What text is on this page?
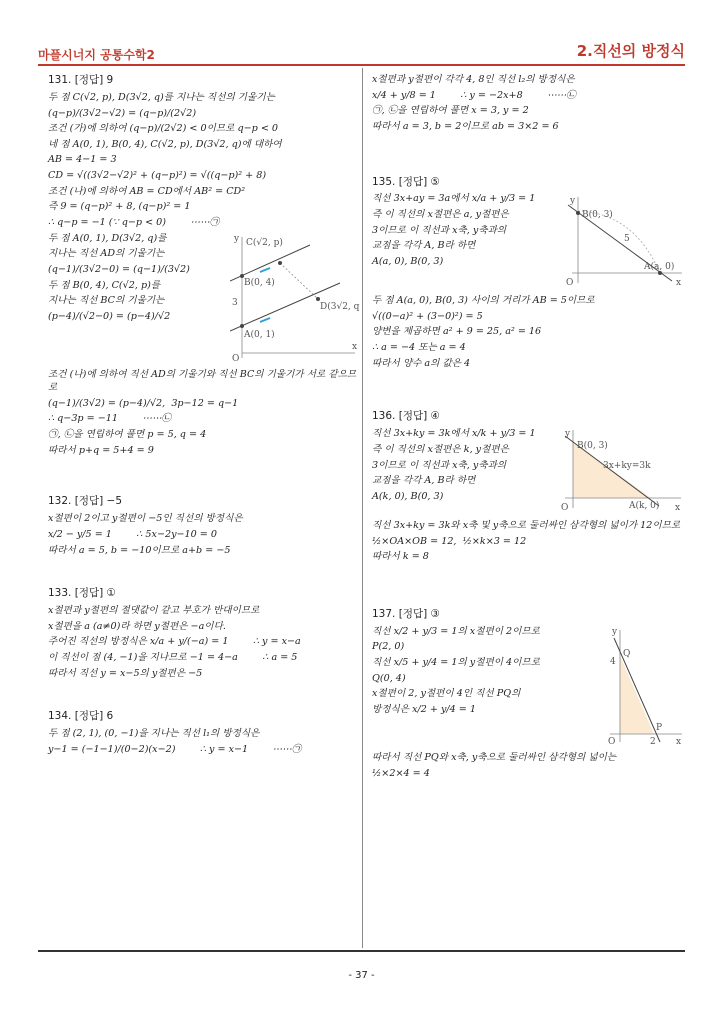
마플시너지 공통수학2	2.직선의 방정식

131. [정답] 9

두 점 C(√2, p), D(3√2, q)를 지나는 직선의 기울기는

(q−p)/(3√2−√2) = (q−p)/(2√2)

조건 (가)에 의하여 (q−p)/(2√2) < 0이므로 q−p < 0

네 점 A(0, 1), B(0, 4), C(√2, p), D(3√2, q)에 대하여

AB = 4−1 = 3

CD = √((3√2−√2)² + (q−p)²) = √((q−p)² + 8)

조건 (나)에 의하여 AB = CD에서 AB² = CD²

즉 9 = (q−p)² + 8, (q−p)² = 1

∴ q−p = −1 (∵ q−p < 0)        ⋯⋯㉠

C(√2, p)
B(0, 4)
D(3√2, q)
A(0, 1)
3
O
x
y

두 점 A(0, 1), D(3√2, q)를

지나는 직선 AD의 기울기는

(q−1)/(3√2−0) = (q−1)/(3√2)

두 점 B(0, 4), C(√2, p)를

지나는 직선 BC의 기울기는

(p−4)/(√2−0) = (p−4)/√2

조건 (나)에 의하여 직선 AD의 기울기와 직선 BC의 기울기가 서로 같으므로

(q−1)/(3√2) = (p−4)/√2,  3p−12 = q−1

∴ q−3p = −11        ⋯⋯㉡

㉠, ㉡을 연립하여 풀면 p = 5, q = 4

따라서 p+q = 5+4 = 9

132. [정답] −5

x절편이 2이고 y절편이 −5인 직선의 방정식은

x/2 − y/5 = 1        ∴ 5x−2y−10 = 0

따라서 a = 5, b = −10이므로 a+b = −5

133. [정답] ①

x절편과 y절편의 절댓값이 같고 부호가 반대이므로

x절편을 a (a≠0)라 하면 y절편은 −a이다.

주어진 직선의 방정식은 x/a + y/(−a) = 1        ∴ y = x−a

이 직선이 점 (4, −1)을 지나므로 −1 = 4−a        ∴ a = 5

따라서 직선 y = x−5의 y절편은 −5

134. [정답] 6

두 점 (2, 1), (0, −1)을 지나는 직선 l₁의 방정식은

y−1 = (−1−1)/(0−2)(x−2)        ∴ y = x−1        ⋯⋯㉠

x절편과 y절편이 각각 4, 8인 직선 l₂의 방정식은

x/4 + y/8 = 1        ∴ y = −2x+8        ⋯⋯㉡

㉠, ㉡을 연립하여 풀면 x = 3, y = 2

따라서 a = 3, b = 2이므로 ab = 3×2 = 6

135. [정답] ⑤

B(0, 3)
5
A(a, 0)
O	x
y

직선 3x+ay = 3a에서 x/a + y/3 = 1

즉 이 직선의 x절편은 a, y절편은

3이므로 이 직선과 x축, y축과의

교점을 각각 A, B라 하면

A(a, 0), B(0, 3)

두 점 A(a, 0), B(0, 3) 사이의 거리가 AB = 5이므로

√((0−a)² + (3−0)²) = 5

양변을 제곱하면 a² + 9 = 25, a² = 16

∴ a = −4 또는 a = 4

따라서 양수 a의 값은 4

136. [정답] ④

B(0, 3)
3x+ky=3k
A(k, 0)
O	x
y

직선 3x+ky = 3k에서 x/k + y/3 = 1

즉 이 직선의 x절편은 k, y절편은

3이므로 이 직선과 x축, y축과의

교점을 각각 A, B라 하면

A(k, 0), B(0, 3)

직선 3x+ky = 3k와 x축 및 y축으로 둘러싸인 삼각형의 넓이가 12이므로

½×OA×OB = 12,  ½×k×3 = 12

따라서 k = 8

137. [정답] ③

Q
4
P
2
O	x
y

직선 x/2 + y/3 = 1의 x절편이 2이므로

P(2, 0)

직선 x/5 + y/4 = 1의 y절편이 4이므로

Q(0, 4)

x절편이 2, y절편이 4인 직선 PQ의

방정식은 x/2 + y/4 = 1

따라서 직선 PQ와 x축, y축으로 둘러싸인 삼각형의 넓이는

½×2×4 = 4

- 37 -
